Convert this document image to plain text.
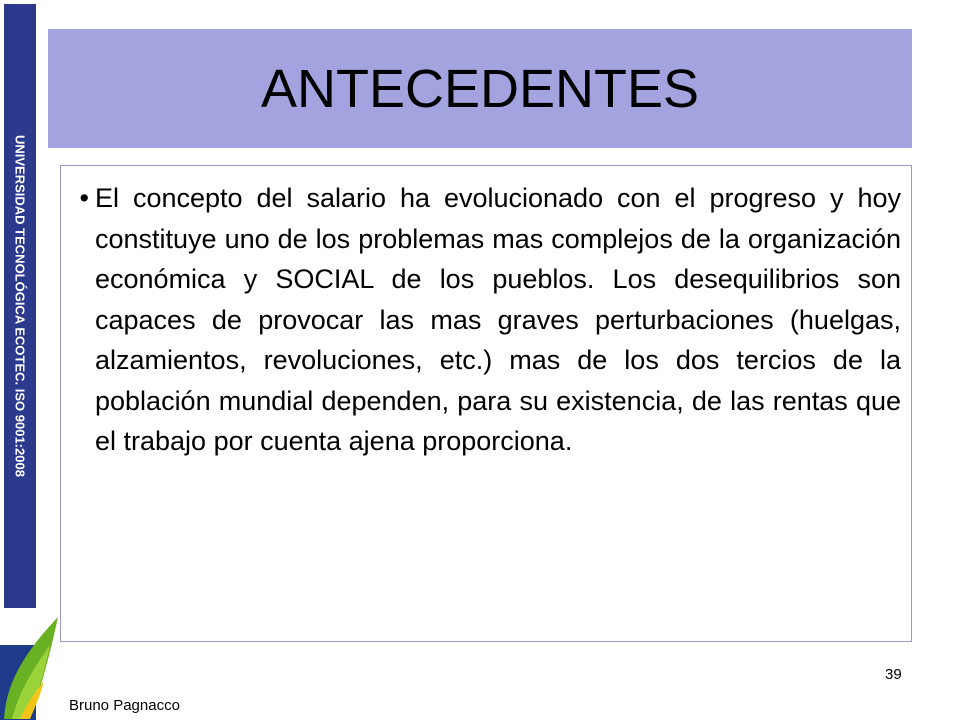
UNIVERSIDAD TECNOLÓGICA ECOTEC. ISO 9001:2008
ANTECEDENTES
• El concepto del salario ha evolucionado con el progreso y hoy constituye uno de los problemas mas complejos de la organización económica y SOCIAL de los pueblos. Los desequilibrios son capaces de provocar las mas graves perturbaciones (huelgas, alzamientos, revoluciones, etc.) mas de los dos tercios de la población mundial dependen, para su existencia, de las rentas que el trabajo por cuenta ajena proporciona.

Bruno Pagnacco
39
